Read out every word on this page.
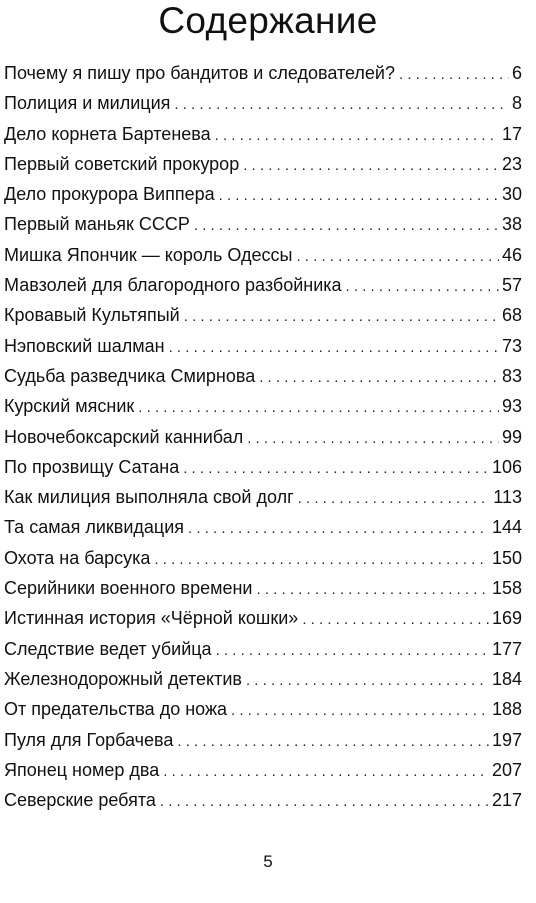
Содержание
Почему я пишу про бандитов и следователей? . . .	6
Полиция и милиция . . .	8
Дело корнета Бартенева . . .	17
Первый советский прокурор . . .	23
Дело прокурора Виппера . . .	30
Первый маньяк СССР . . .	38
Мишка Япончик — король Одессы . . .	46
Мавзолей для благородного разбойника . . .	57
Кровавый Культяпый . . .	68
Нэповский шалман . . .	73
Судьба разведчика Смирнова . . .	83
Курский мясник . . .	93
Новочебоксарский каннибал . . .	99
По прозвищу Сатана . . .	106
Как милиция выполняла свой долг . . .	113
Та самая ликвидация . . .	144
Охота на барсука . . .	150
Серийники военного времени . . .	158
Истинная история «Чёрной кошки» . . .	169
Следствие ведет убийца . . .	177
Железнодорожный детектив . . .	184
От предательства до ножа . . .	188
Пуля для Горбачева . . .	197
Японец номер два . . .	207
Северские ребята . . .	217
5
